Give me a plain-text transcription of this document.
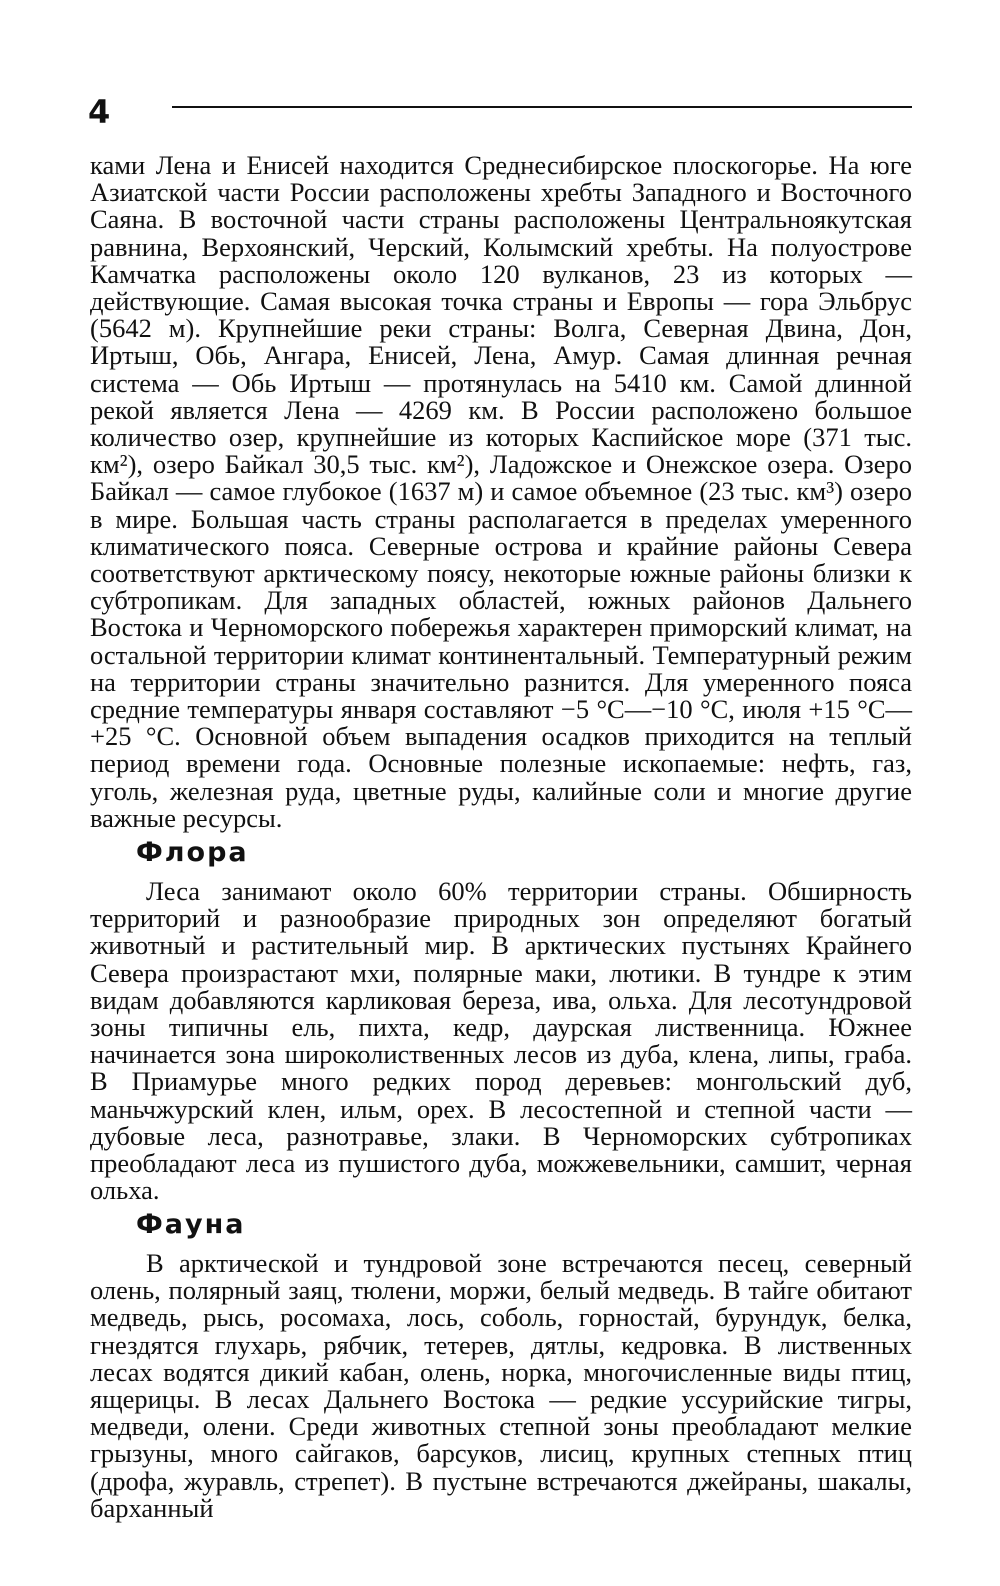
4

ками Лена и Енисей находится Среднесибирское плоскогорье. На юге Азиатской части России расположены хребты Западного и Восточного Саяна. В восточной части страны расположены Центральноякутская равнина, Верхоянский, Черский, Колымский хребты. На полуострове Камчатка расположены около 120 вулканов, 23 из которых — действующие. Самая высокая точка страны и Европы — гора Эльбрус (5642 м). Крупнейшие реки страны: Волга, Северная Двина, Дон, Иртыш, Обь, Ангара, Енисей, Лена, Амур. Самая длинная речная система — Обь Иртыш — протянулась на 5410 км. Самой длинной рекой является Лена — 4269 км. В России расположено большое количество озер, крупнейшие из которых Каспийское море (371 тыс. км²), озеро Байкал 30,5 тыс. км²), Ладожское и Онежское озера. Озеро Байкал — самое глубокое (1637 м) и самое объемное (23 тыс. км³) озеро в мире. Большая часть страны располагается в пределах умеренного климатического пояса. Северные острова и крайние районы Севера соответствуют арктическому поясу, некоторые южные районы близки к субтропикам. Для западных областей, южных районов Дальнего Востока и Черноморского побережья характерен приморский климат, на остальной территории климат континентальный. Температурный режим на территории страны значительно разнится. Для умеренного пояса средние температуры января составляют −5 °С—−10 °С, июля +15 °С—+25 °С. Основной объем выпадения осадков приходится на теплый период времени года. Основные полезные ископаемые: нефть, газ, уголь, железная руда, цветные руды, калийные соли и многие другие важные ресурсы.

Флора

Леса занимают около 60% территории страны. Обширность территорий и разнообразие природных зон определяют богатый животный и растительный мир. В арктических пустынях Крайнего Севера произрастают мхи, полярные маки, лютики. В тундре к этим видам добавляются карликовая береза, ива, ольха. Для лесотундровой зоны типичны ель, пихта, кедр, даурская лиственница. Южнее начинается зона широколиственных лесов из дуба, клена, липы, граба. В Приамурье много редких пород деревьев: монгольский дуб, маньчжурский клен, ильм, орех. В лесостепной и степной части — дубовые леса, разнотравье, злаки. В Черноморских субтропиках преобладают леса из пушистого дуба, можжевельники, самшит, черная ольха.

Фауна

В арктической и тундровой зоне встречаются песец, северный олень, полярный заяц, тюлени, моржи, белый медведь. В тайге обитают медведь, рысь, росомаха, лось, соболь, горностай, бурундук, белка, гнездятся глухарь, рябчик, тетерев, дятлы, кедровка. В лиственных лесах водятся дикий кабан, олень, норка, многочисленные виды птиц, ящерицы. В лесах Дальнего Востока — редкие уссурийские тигры, медведи, олени. Среди животных степной зоны преобладают мелкие грызуны, много сайгаков, барсуков, лисиц, крупных степных птиц (дрофа, журавль, стрепет). В пустыне встречаются джейраны, шакалы, барханный
